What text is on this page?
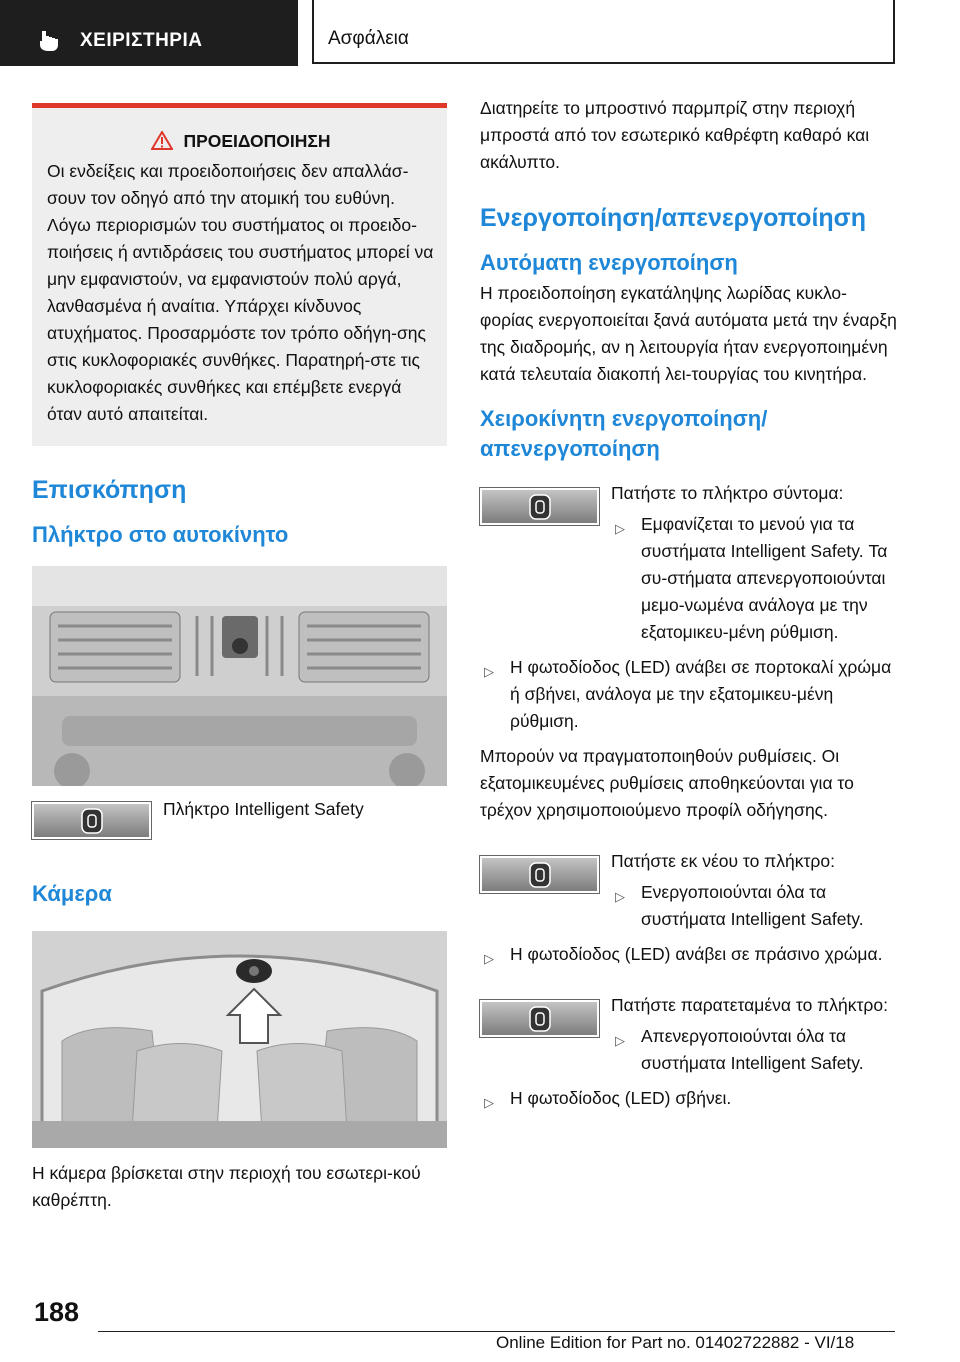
ΧΕΙΡΙΣΤΗΡΙΑ	Ασφάλεια
ΠΡΟΕΙΔΟΠΟΙΗΣΗ

Οι ενδείξεις και προειδοποιήσεις δεν απαλλάσ-σουν τον οδηγό από την ατομική του ευθύνη. Λόγω περιορισμών του συστήματος οι προειδο-ποιήσεις ή αντιδράσεις του συστήματος μπορεί να μην εμφανιστούν, να εμφανιστούν πολύ αργά, λανθασμένα ή αναίτια. Υπάρχει κίνδυνος ατυχήματος. Προσαρμόστε τον τρόπο οδήγη-σης στις κυκλοφοριακές συνθήκες. Παρατηρή-στε τις κυκλοφοριακές συνθήκες και επέμβετε ενεργά όταν αυτό απαιτείται.

Επισκόπηση
Πλήκτρο στο αυτοκίνητο
Πλήκτρο Intelligent Safety
Κάμερα
Η κάμερα βρίσκεται στην περιοχή του εσωτερι-κού καθρέπτη.

Διατηρείτε το μπροστινό παρμπρίζ στην περιοχή μπροστά από τον εσωτερικό καθρέφτη καθαρό και ακάλυπτο.

Ενεργοποίηση/απενεργοποίηση
Αυτόματη ενεργοποίηση

Η προειδοποίηση εγκατάληψης λωρίδας κυκλο-φορίας ενεργοποιείται ξανά αυτόματα μετά την έναρξη της διαδρομής, αν η λειτουργία ήταν ενεργοποιημένη κατά τελευταία διακοπή λει-τουργίας του κινητήρα.

Χειροκίνητη ενεργοποίηση/ απενεργοποίηση

Πατήστε το πλήκτρο σύντομα:

▷ Εμφανίζεται το μενού για τα συστήματα Intelligent Safety. Τα συ-στήματα απενεργοποιούνται μεμο-νωμένα ανάλογα με την εξατομικευ-μένη ρύθμιση.
▷ Η φωτοδίοδος (LED) ανάβει σε πορτοκαλί χρώμα ή σβήνει, ανάλογα με την εξατομικευ-μένη ρύθμιση.

Μπορούν να πραγματοποιηθούν ρυθμίσεις. Οι εξατομικευμένες ρυθμίσεις αποθηκεύονται για το τρέχον χρησιμοποιούμενο προφίλ οδήγησης.

Πατήστε εκ νέου το πλήκτρο:

▷ Ενεργοποιούνται όλα τα συστήματα Intelligent Safety.
▷ Η φωτοδίοδος (LED) ανάβει σε πράσινο χρώμα.

Πατήστε παρατεταμένα το πλήκτρο:

▷ Απενεργοποιούνται όλα τα συστήματα Intelligent Safety.
▷ Η φωτοδίοδος (LED) σβήνει.
188
Online Edition for Part no. 01402722882 - VI/18
